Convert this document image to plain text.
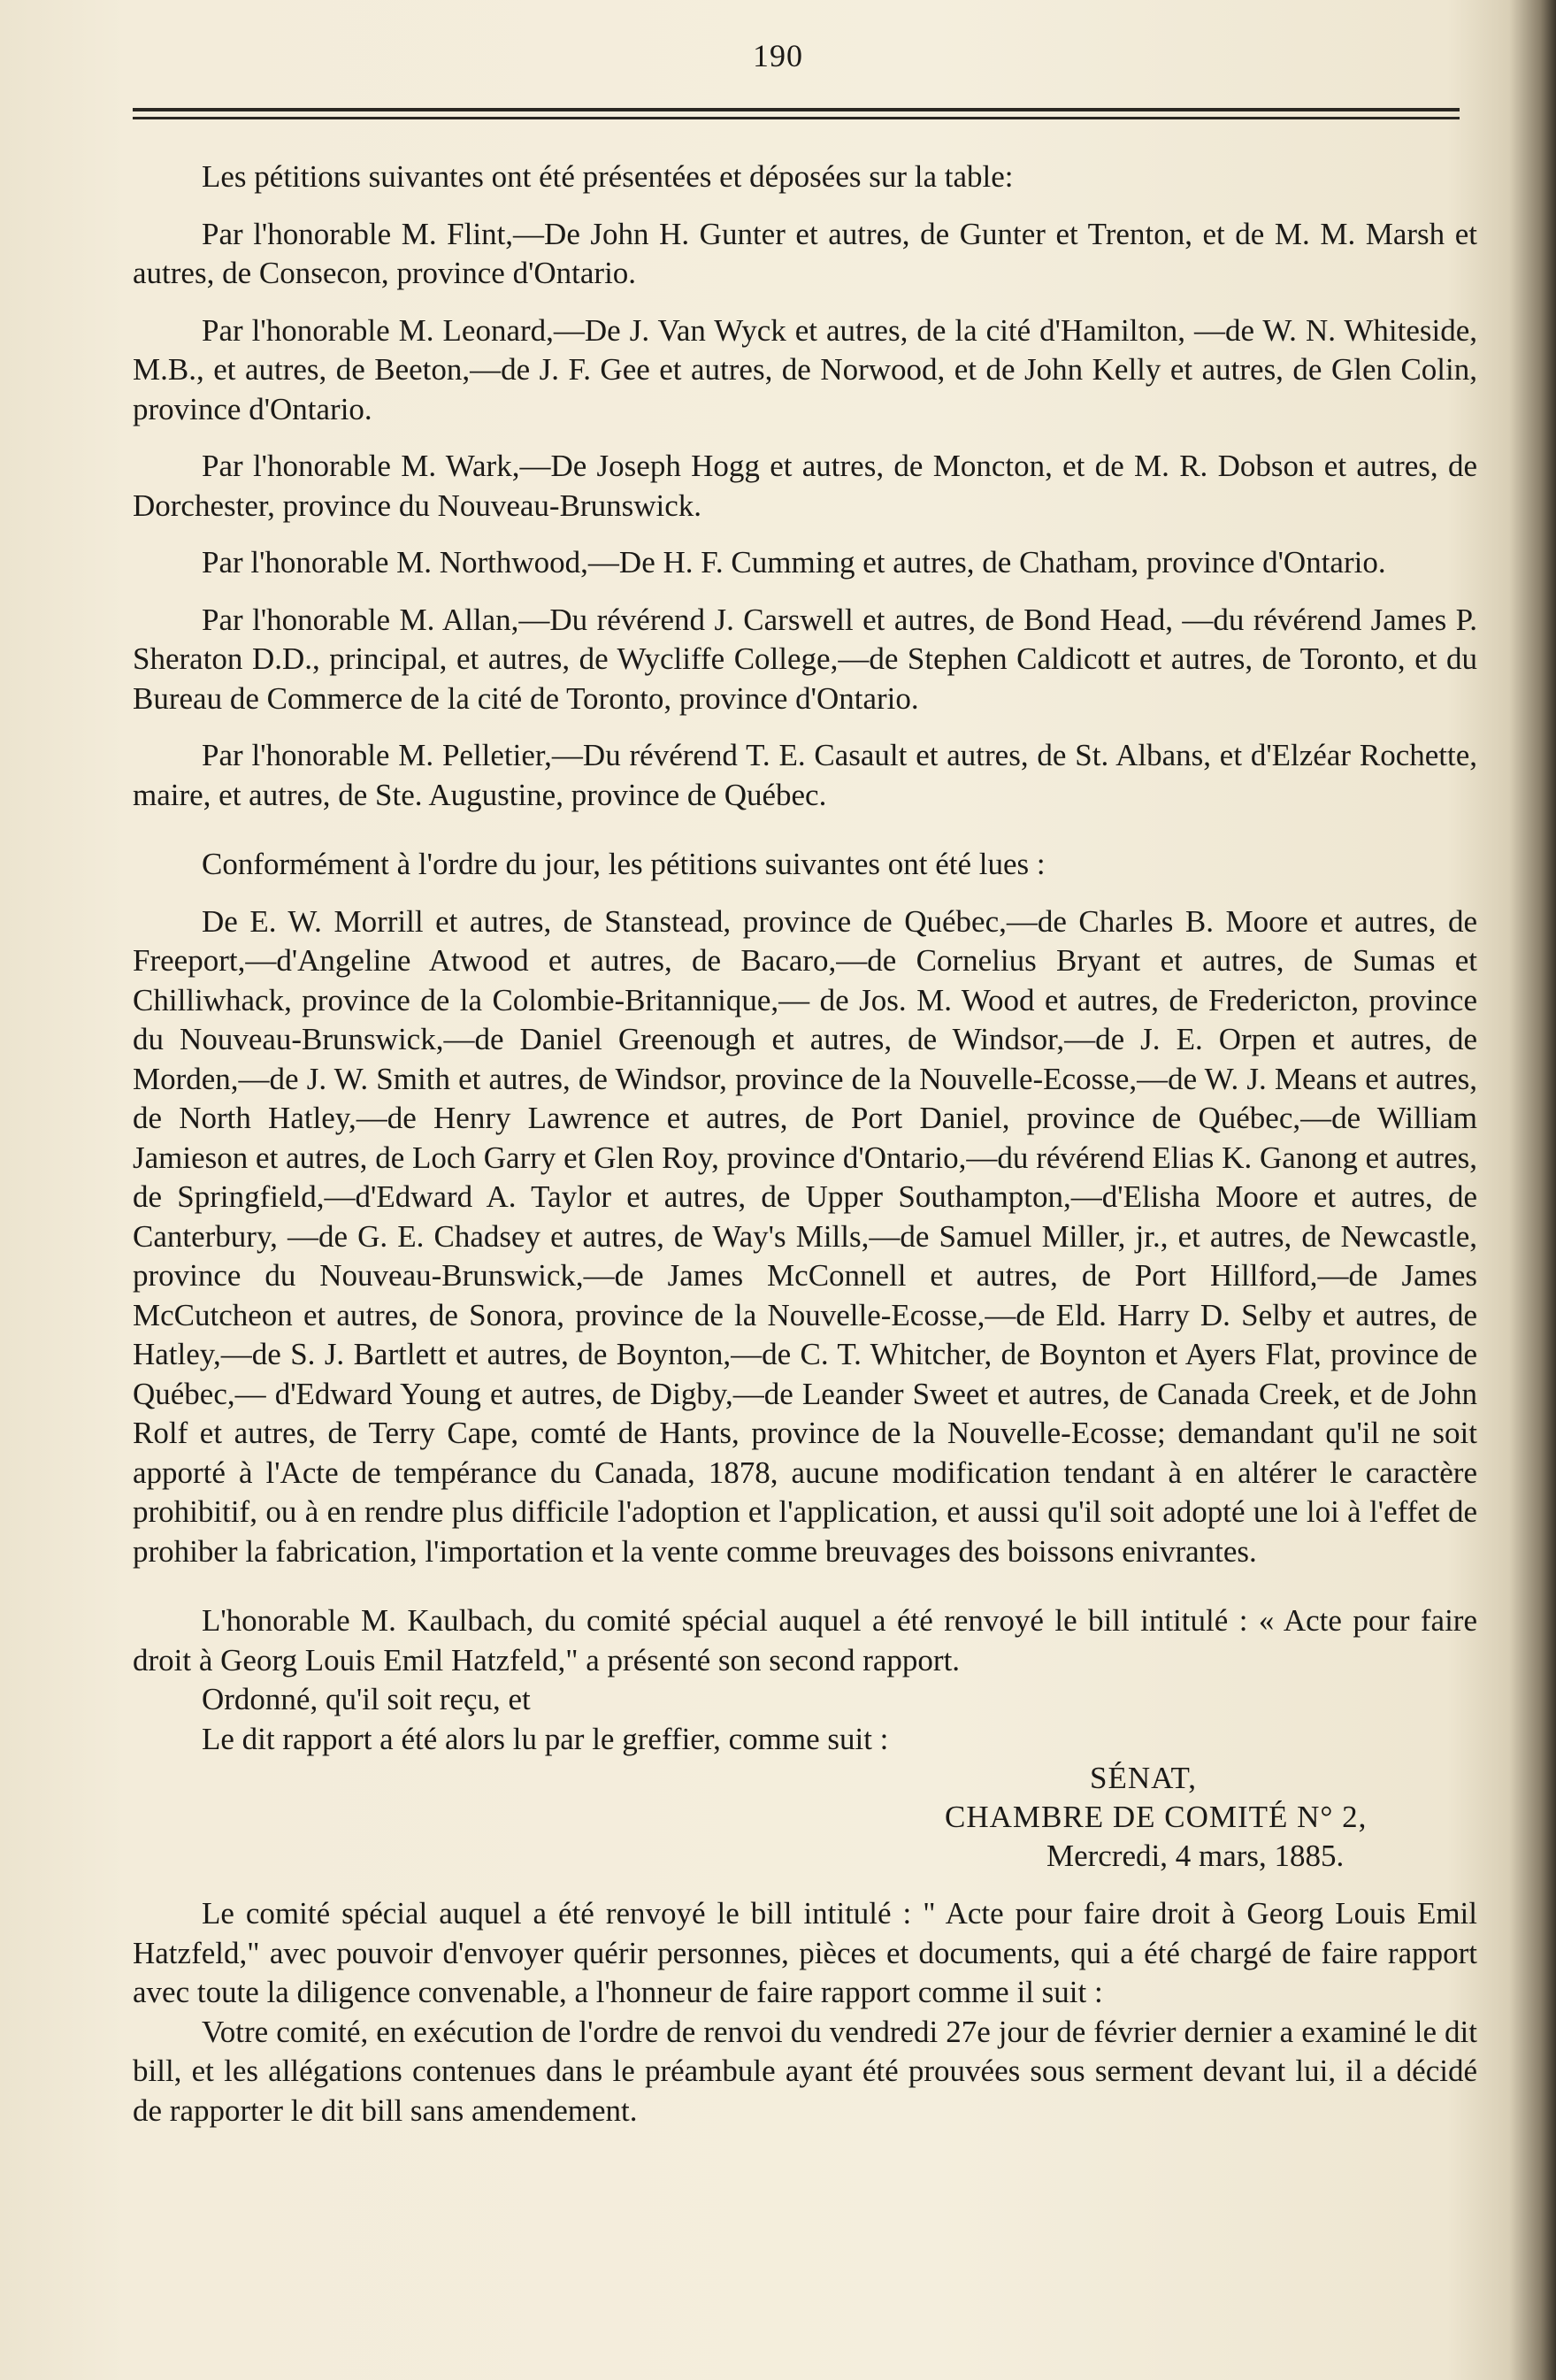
190

Les pétitions suivantes ont été présentées et déposées sur la table:

Par l'honorable M. Flint,—De John H. Gunter et autres, de Gunter et Trenton, et de M. M. Marsh et autres, de Consecon, province d'Ontario.

Par l'honorable M. Leonard,—De J. Van Wyck et autres, de la cité d'Hamilton, —de W. N. Whiteside, M.B., et autres, de Beeton,—de J. F. Gee et autres, de Norwood, et de John Kelly et autres, de Glen Colin, province d'Ontario.

Par l'honorable M. Wark,—De Joseph Hogg et autres, de Moncton, et de M. R. Dobson et autres, de Dorchester, province du Nouveau-Brunswick.

Par l'honorable M. Northwood,—De H. F. Cumming et autres, de Chatham, province d'Ontario.

Par l'honorable M. Allan,—Du révérend J. Carswell et autres, de Bond Head, —du révérend James P. Sheraton D.D., principal, et autres, de Wycliffe College,—de Stephen Caldicott et autres, de Toronto, et du Bureau de Commerce de la cité de Toronto, province d'Ontario.

Par l'honorable M. Pelletier,—Du révérend T. E. Casault et autres, de St. Albans, et d'Elzéar Rochette, maire, et autres, de Ste. Augustine, province de Québec.

Conformément à l'ordre du jour, les pétitions suivantes ont été lues :

De E. W. Morrill et autres, de Stanstead, province de Québec,—de Charles B. Moore et autres, de Freeport,—d'Angeline Atwood et autres, de Bacaro,—de Cornelius Bryant et autres, de Sumas et Chilliwhack, province de la Colombie-Britannique,— de Jos. M. Wood et autres, de Fredericton, province du Nouveau-Brunswick,—de Daniel Greenough et autres, de Windsor,—de J. E. Orpen et autres, de Morden,—de J. W. Smith et autres, de Windsor, province de la Nouvelle-Ecosse,—de W. J. Means et autres, de North Hatley,—de Henry Lawrence et autres, de Port Daniel, province de Québec,—de William Jamieson et autres, de Loch Garry et Glen Roy, province d'Ontario,—du révérend Elias K. Ganong et autres, de Springfield,—d'Edward A. Taylor et autres, de Upper Southampton,—d'Elisha Moore et autres, de Canterbury, —de G. E. Chadsey et autres, de Way's Mills,—de Samuel Miller, jr., et autres, de Newcastle, province du Nouveau-Brunswick,—de James McConnell et autres, de Port Hillford,—de James McCutcheon et autres, de Sonora, province de la Nouvelle-Ecosse,—de Eld. Harry D. Selby et autres, de Hatley,—de S. J. Bartlett et autres, de Boynton,—de C. T. Whitcher, de Boynton et Ayers Flat, province de Québec,— d'Edward Young et autres, de Digby,—de Leander Sweet et autres, de Canada Creek, et de John Rolf et autres, de Terry Cape, comté de Hants, province de la Nouvelle-Ecosse; demandant qu'il ne soit apporté à l'Acte de tempérance du Canada, 1878, aucune modification tendant à en altérer le caractère prohibitif, ou à en rendre plus difficile l'adoption et l'application, et aussi qu'il soit adopté une loi à l'effet de prohiber la fabrication, l'importation et la vente comme breuvages des boissons enivrantes.

L'honorable M. Kaulbach, du comité spécial auquel a été renvoyé le bill intitulé : « Acte pour faire droit à Georg Louis Emil Hatzfeld," a présenté son second rapport.

Ordonné, qu'il soit reçu, et

Le dit rapport a été alors lu par le greffier, comme suit :

SÉNAT,
CHAMBRE DE COMITÉ N° 2,
Mercredi, 4 mars, 1885.

Le comité spécial auquel a été renvoyé le bill intitulé : " Acte pour faire droit à Georg Louis Emil Hatzfeld," avec pouvoir d'envoyer quérir personnes, pièces et documents, qui a été chargé de faire rapport avec toute la diligence convenable, a l'honneur de faire rapport comme il suit :

Votre comité, en exécution de l'ordre de renvoi du vendredi 27e jour de février dernier a examiné le dit bill, et les allégations contenues dans le préambule ayant été prouvées sous serment devant lui, il a décidé de rapporter le dit bill sans amendement.
